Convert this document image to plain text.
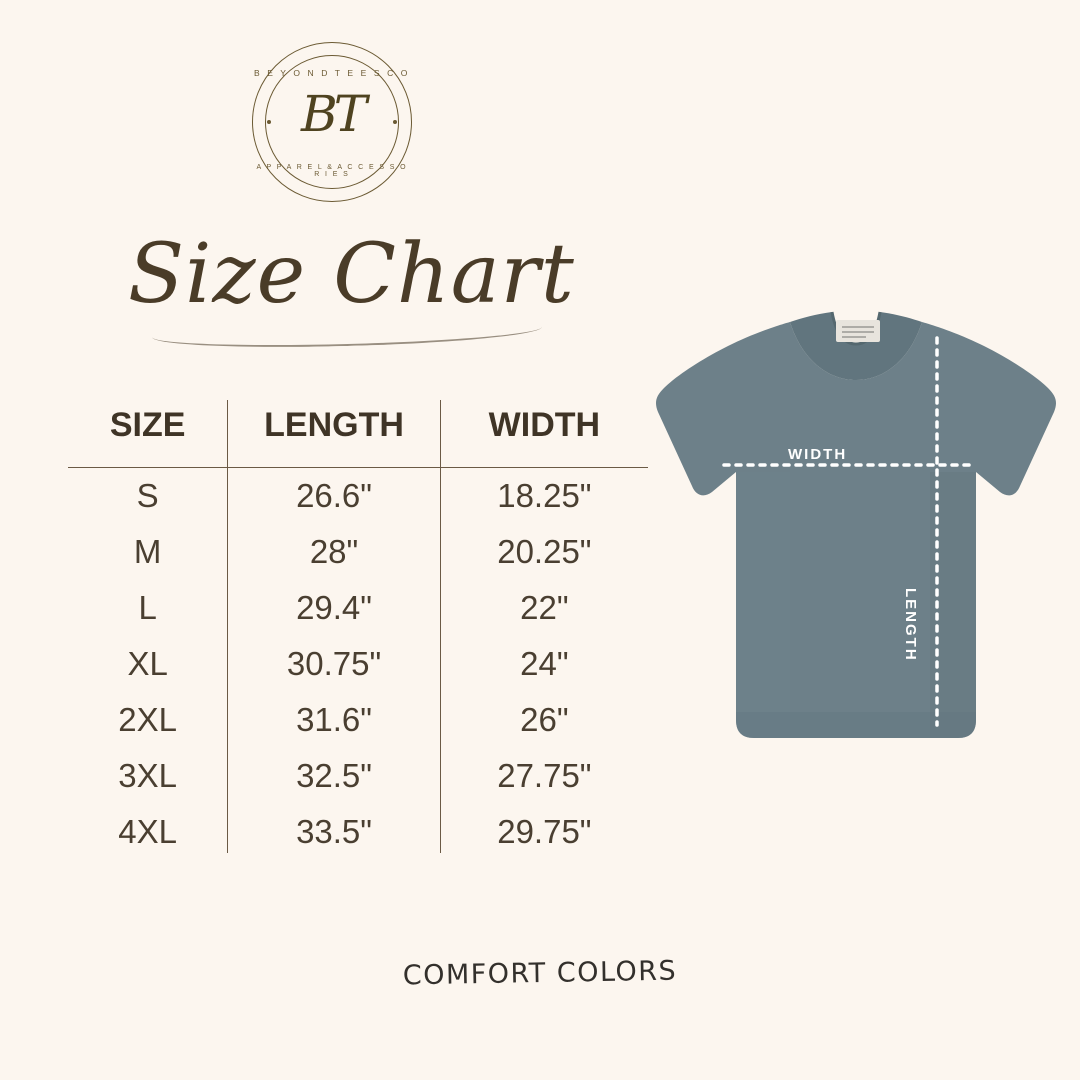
B E Y O N D T E E S C O
BT
A P P A R E L & A C C E S S O R I E S
Size Chart
SIZE	LENGTH	WIDTH
S	26.6"	18.25"
M	28"	20.25"
L	29.4"	22"
XL	30.75"	24"
2XL	31.6"	26"
3XL	32.5"	27.75"
4XL	33.5"	29.75"
WIDTH
LENGTH
COMFORT COLORS
